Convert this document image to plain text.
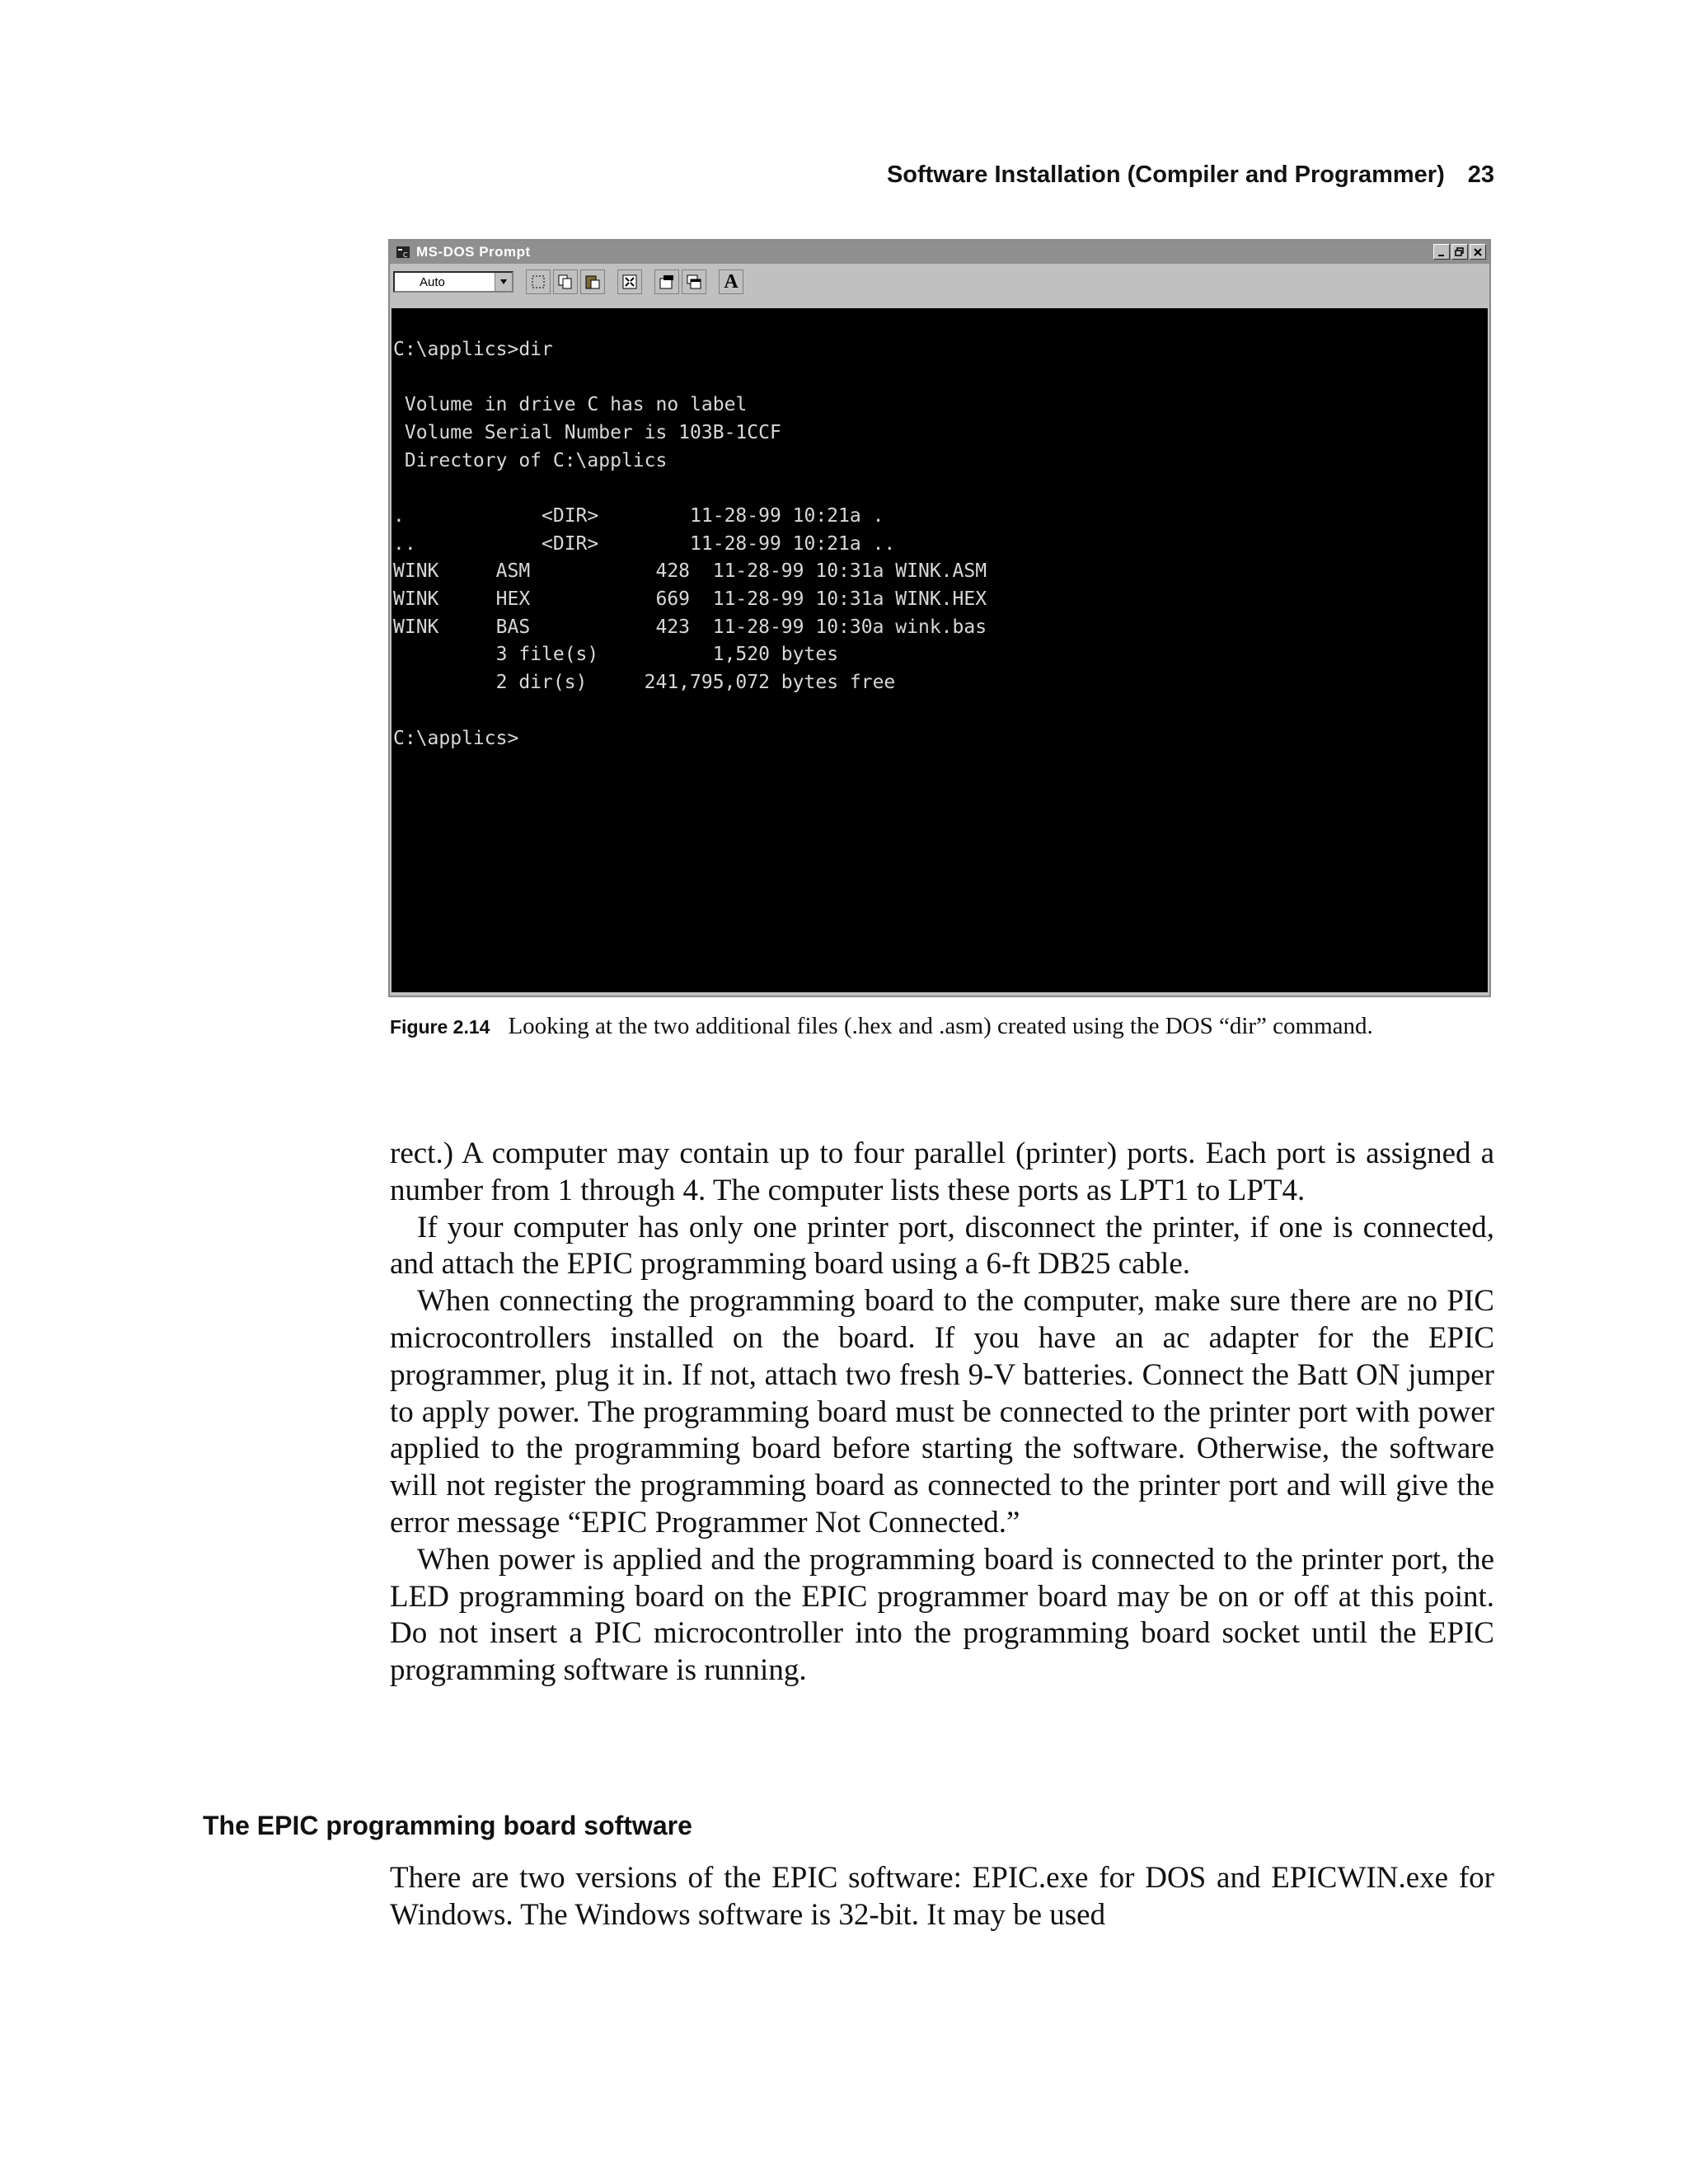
Software Installation (Compiler and Programmer) 23
C MS-DOS Prompt
Auto	A

C:\applics>dir

Volume in drive C has no label
Volume Serial Number is 103B-1CCF
Directory of C:\applics

.            <DIR>        11-28-99 10:21a .
..           <DIR>        11-28-99 10:21a ..
WINK     ASM           428  11-28-99 10:31a WINK.ASM
WINK     HEX           669  11-28-99 10:31a WINK.HEX
WINK     BAS           423  11-28-99 10:30a wink.bas
3 file(s)          1,520 bytes
2 dir(s)     241,795,072 bytes free

C:\applics>
Figure 2.14 Looking at the two additional files (.hex and .asm) created using the DOS “dir” command.

rect.) A computer may contain up to four parallel (printer) ports. Each port is assigned a number from 1 through 4. The computer lists these ports as LPT1 to LPT4.

If your computer has only one printer port, disconnect the printer, if one is connected, and attach the EPIC programming board using a 6-ft DB25 cable.

When connecting the programming board to the computer, make sure there are no PIC microcontrollers installed on the board. If you have an ac adapter for the EPIC programmer, plug it in. If not, attach two fresh 9-V batteries. Connect the Batt ON jumper to apply power. The programming board must be connected to the printer port with power applied to the programming board before starting the software. Otherwise, the software will not register the programming board as connected to the printer port and will give the error message “EPIC Programmer Not Connected.”

When power is applied and the programming board is connected to the printer port, the LED programming board on the EPIC programmer board may be on or off at this point. Do not insert a PIC microcontroller into the programming board socket until the EPIC programming software is running.

The EPIC programming board software

There are two versions of the EPIC software: EPIC.exe for DOS and EPICWIN.exe for Windows. The Windows software is 32-bit. It may be used
